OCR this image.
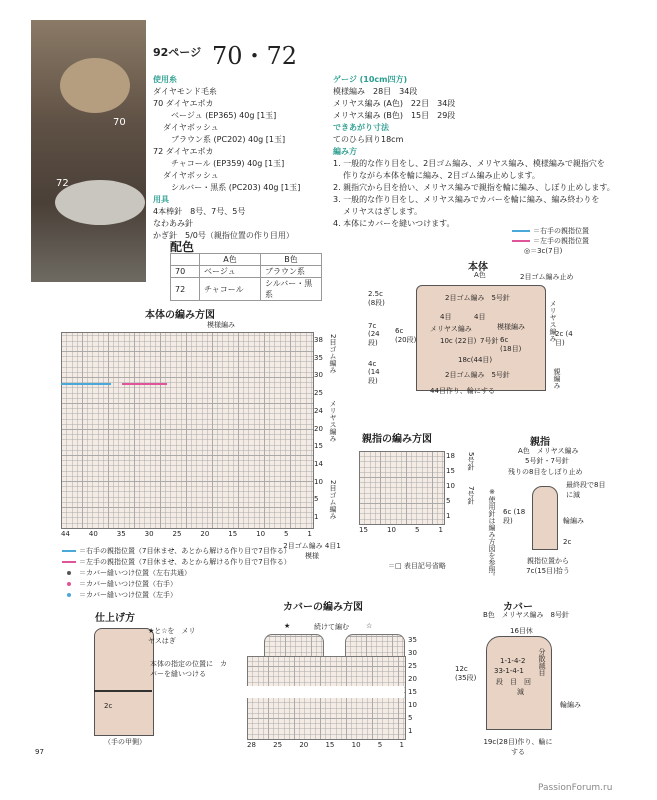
70
72
92ページ 70・72
使用糸
ダイヤモンド毛糸
70 ダイヤエポカ
ベージュ (EP365) 40g [1玉]
ダイヤボッシュ
ブラウン系 (PC202) 40g [1玉]
72 ダイヤエポカ
チャコール (EP359) 40g [1玉]
ダイヤボッシュ
シルバー・黒系 (PC203) 40g [1玉]
用具
4本棒針　8号、7号、5号
なわあみ針
かぎ針　5/0号（親指位置の作り目用）
ゲージ (10cm四方)
模様編み　28目　34段
メリヤス編み (A色)　22目　34段
メリヤス編み (B色)　15目　29段
できあがり寸法
てのひら回り18cm
編み方
1. 一般的な作り目をし、2目ゴム編み、メリヤス編み、模様編みで親指穴を
作りながら本体を輪に編み、2目ゴム編み止めします。
2. 親指穴から目を拾い、メリヤス編みで親指を輪に編み、しぼり止めします。
3. 一般的な作り目をし、メリヤス編みでカバーを輪に編み、編み終わりを
メリヤスはぎします。
4. 本体にカバーを縫いつけます。
配色
	A色	B色
70	ベージュ	ブラウン系
72	チャコール	シルバー・黒系
＝右手の親指位置
＝左手の親指位置
◎＝3c(7目)
本体
A色	2目ゴム編み止め
2.5c (8段)
2目ゴム編み　5号針
メリヤス編み
7c (24段)
6c (20段)
4目
メリヤス編み
4目
模様編み
10c (22目) 7号針 6c (18目)
2c (4目)
4c (14段)
18c(44目)
2目ゴム編み　5号針
44目作り、輪にする
親編み
本体の編み方図
模様編み
2目ゴム編み
メリヤス編み
2目ゴム編み
38
35
30
25
24
20
15
14
10
5
1
44	40	35	30	25	20	15	10	5	1
2目ゴム編み 4目1模様
＝右手の親指位置（7目休ませ、あとから解ける作り目で7目作る）
＝左手の親指位置（7目休ませ、あとから解ける作り目で7目作る）
＝カバー縫いつけ位置（左右共通）
＝カバー縫いつけ位置（右手）
＝カバー縫いつけ位置（左手）
親指の編み方図
18
15
10
5
1
5号針
7号針
15	10	5	1
＝□ 表目記号省略
親指
A色　メリヤス編み
5号針・7号針
残りの8目をしぼり止め
最終段で8目に減
6c (18段)	輪編み
2c
親指位置から7c(15目)拾う
※使用針は編み方図を参照。
仕上げ方
★と☆を　メリヤスはぎ
本体の指定の位置に　カバーを縫いつける
2c
（手の甲側）
カバーの編み方図
★	続けて編む ☆
35
30
25
20
15
10
5
1
28 25 20 15 10 5 1
カバー
B色　メリヤス編み　8号針
16目休
12c (35段)
1-1-4-2
33-1-4-1
段　目　回
減
分散減目
輪編み
19c(28目)作り、輪にする
97
PassionForum.ru
